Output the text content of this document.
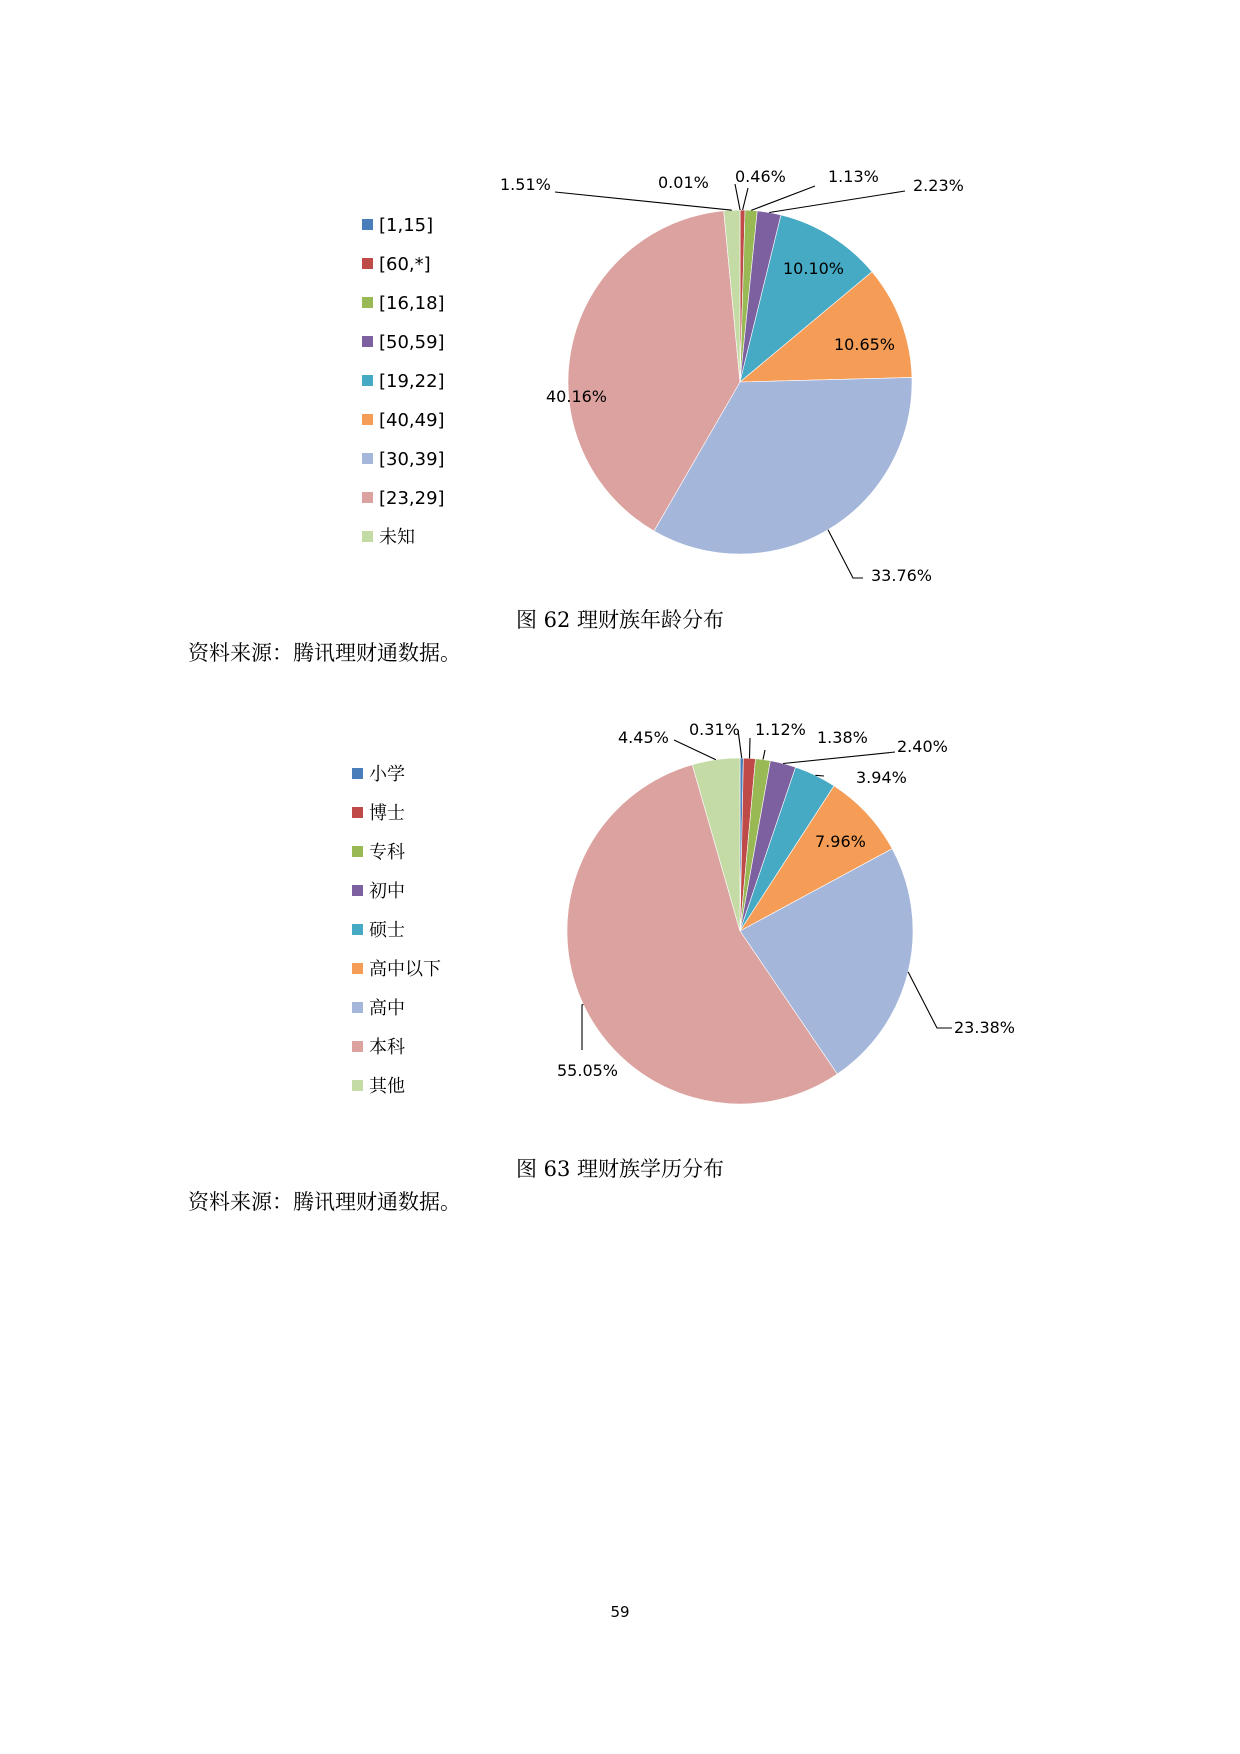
[1,15]
[60,*]
[16,18]
[50,59]
[19,22]
[40,49]
[30,39]
[23,29]
未知
0.01% 0.46%	1.13% 2.23%
10.10%
10.65%
33.76%
40.16%
1.51%
图 62 理财族年龄分布
资料来源：腾讯理财通数据。
小学
博士
专科
初中
硕士
高中以下
高中
本科
其他
0.31% 1.12% 1.38% 2.40%
3.94%
7.96%
23.38%
55.05%
4.45%
图 63 理财族学历分布
资料来源：腾讯理财通数据。
59
